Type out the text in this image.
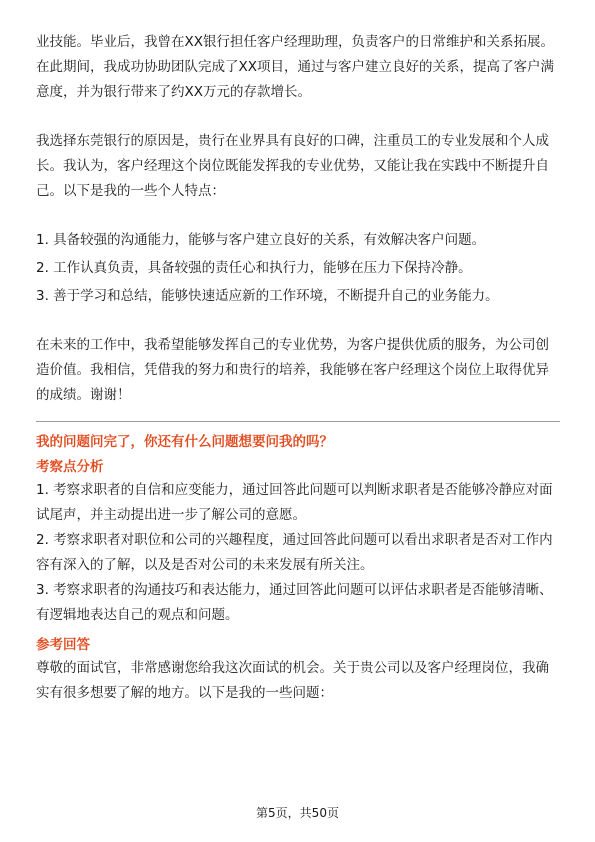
业技能。毕业后，我曾在XX银行担任客户经理助理，负责客户的日常维护和关系拓展。在此期间，我成功协助团队完成了XX项目，通过与客户建立良好的关系，提高了客户满意度，并为银行带来了约XX万元的存款增长。

我选择东莞银行的原因是，贵行在业界具有良好的口碑，注重员工的专业发展和个人成长。我认为，客户经理这个岗位既能发挥我的专业优势，又能让我在实践中不断提升自己。以下是我的一些个人特点：

1. 具备较强的沟通能力，能够与客户建立良好的关系，有效解决客户问题。
2. 工作认真负责，具备较强的责任心和执行力，能够在压力下保持冷静。
3. 善于学习和总结，能够快速适应新的工作环境，不断提升自己的业务能力。

在未来的工作中，我希望能够发挥自己的专业优势，为客户提供优质的服务，为公司创造价值。我相信，凭借我的努力和贵行的培养，我能够在客户经理这个岗位上取得优异的成绩。谢谢！

我的问题问完了，你还有什么问题想要问我的吗？
考察点分析
1. 考察求职者的自信和应变能力，通过回答此问题可以判断求职者是否能够冷静应对面试尾声，并主动提出进一步了解公司的意愿。
2. 考察求职者对职位和公司的兴趣程度，通过回答此问题可以看出求职者是否对工作内容有深入的了解，以及是否对公司的未来发展有所关注。
3. 考察求职者的沟通技巧和表达能力，通过回答此问题可以评估求职者是否能够清晰、有逻辑地表达自己的观点和问题。
参考回答

尊敬的面试官，非常感谢您给我这次面试的机会。关于贵公司以及客户经理岗位，我确实有很多想要了解的地方。以下是我的一些问题：

第5页，共50页
